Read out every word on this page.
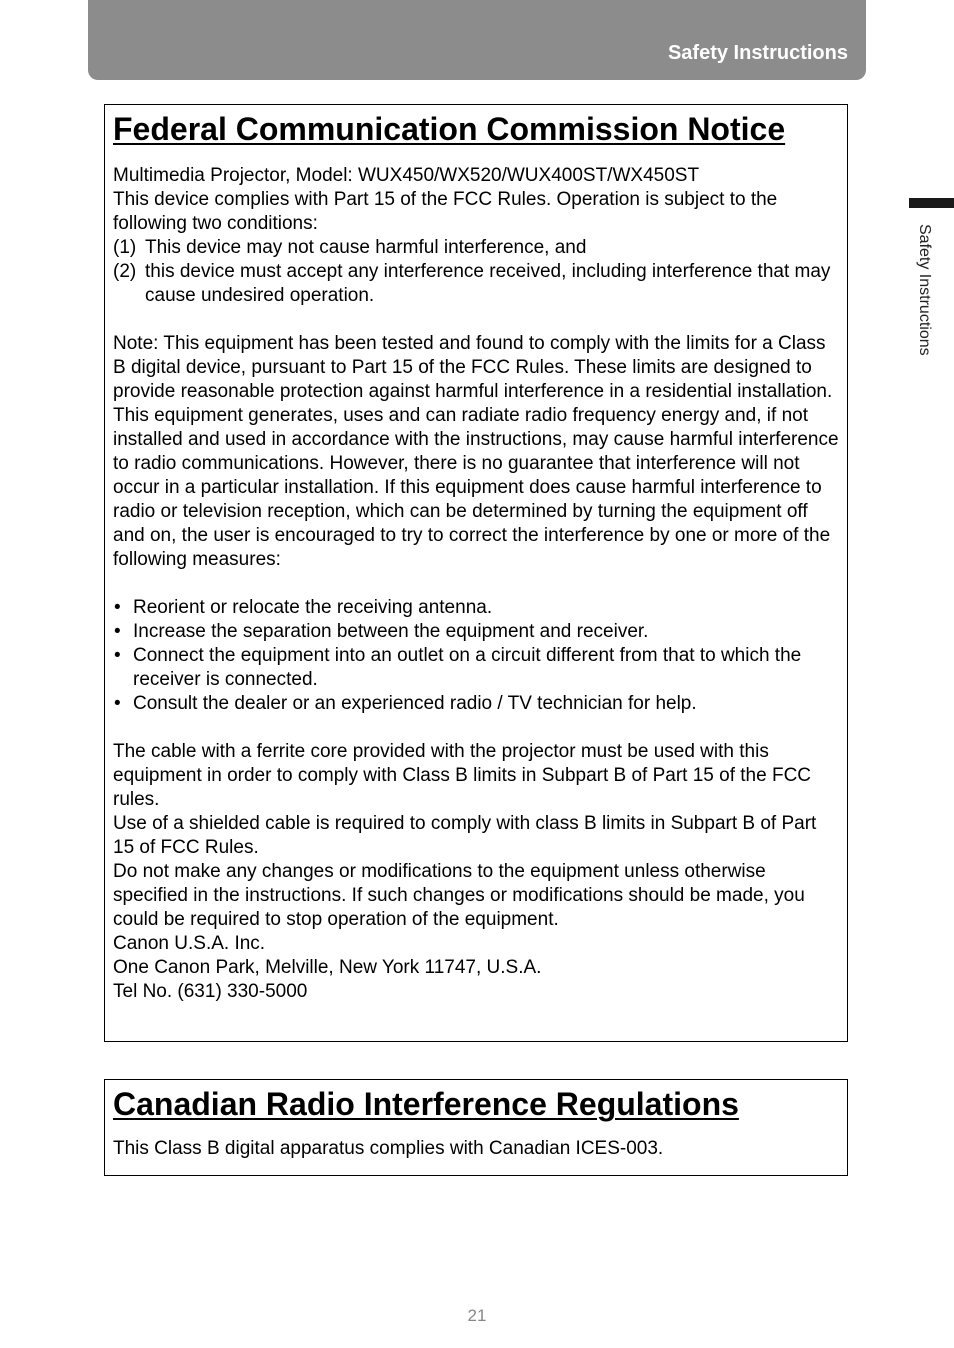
Safety Instructions
Safety Instructions
Federal Communication Commission Notice

Multimedia Projector, Model: WUX450/WX520/WUX400ST/WX450ST

This device complies with Part 15 of the FCC Rules. Operation is subject to the following two conditions:

(1) This device may not cause harmful interference, and
(2) this device must accept any interference received, including interference that may cause undesired operation.

Note: This equipment has been tested and found to comply with the limits for a Class B digital device, pursuant to Part 15 of the FCC Rules. These limits are designed to provide reasonable protection against harmful interference in a residential installation. This equipment generates, uses and can radiate radio frequency energy and, if not installed and used in accordance with the instructions, may cause harmful interference to radio communications. However, there is no guarantee that interference will not occur in a particular installation. If this equipment does cause harmful interference to radio or television reception, which can be determined by turning the equipment off and on, the user is encouraged to try to correct the interference by one or more of the following measures:

• Reorient or relocate the receiving antenna.
• Increase the separation between the equipment and receiver.
• Connect the equipment into an outlet on a circuit different from that to which the receiver is connected.
• Consult the dealer or an experienced radio / TV technician for help.

The cable with a ferrite core provided with the projector must be used with this equipment in order to comply with Class B limits in Subpart B of Part 15 of the FCC rules.

Use of a shielded cable is required to comply with class B limits in Subpart B of Part 15 of FCC Rules.

Do not make any changes or modifications to the equipment unless otherwise specified in the instructions. If such changes or modifications should be made, you could be required to stop operation of the equipment.

Canon U.S.A. Inc.

One Canon Park, Melville, New York 11747, U.S.A.

Tel No. (631) 330-5000

Canadian Radio Interference Regulations

This Class B digital apparatus complies with Canadian ICES-003.

21
